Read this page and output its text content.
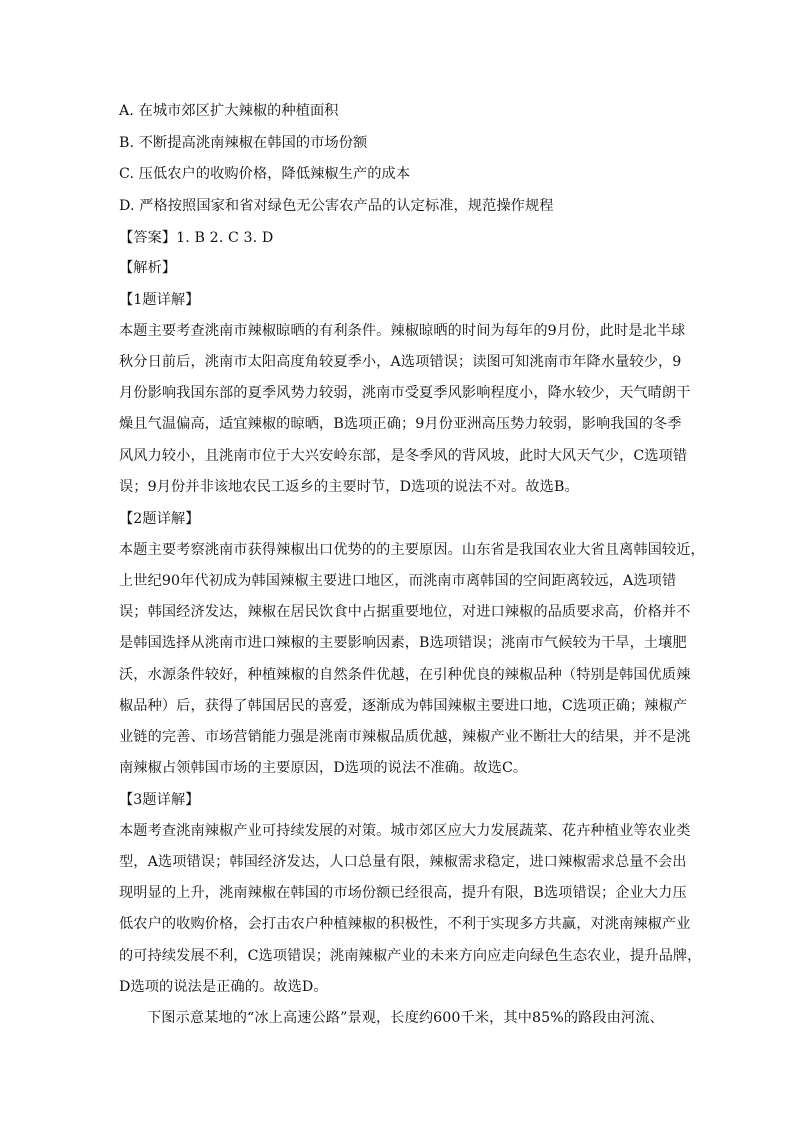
A. 在城市郊区扩大辣椒的种植面积
B. 不断提高洮南辣椒在韩国的市场份额
C. 压低农户的收购价格，降低辣椒生产的成本
D. 严格按照国家和省对绿色无公害农产品的认定标准，规范操作规程
【答案】1. B 2. C 3. D
【解析】
【1题详解】
本题主要考查洮南市辣椒晾晒的有利条件。辣椒晾晒的时间为每年的9月份，此时是北半球
秋分日前后，洮南市太阳高度角较夏季小，A选项错误；读图可知洮南市年降水量较少，9
月份影响我国东部的夏季风势力较弱，洮南市受夏季风影响程度小，降水较少，天气晴朗干
燥且气温偏高，适宜辣椒的晾晒，B选项正确；9月份亚洲高压势力较弱，影响我国的冬季
风风力较小，且洮南市位于大兴安岭东部，是冬季风的背风坡，此时大风天气少，C选项错
误；9月份并非该地农民工返乡的主要时节，D选项的说法不对。故选B。
【2题详解】
本题主要考察洮南市获得辣椒出口优势的的主要原因。山东省是我国农业大省且离韩国较近，
上世纪90年代初成为韩国辣椒主要进口地区，而洮南市离韩国的空间距离较远，A选项错
误；韩国经济发达，辣椒在居民饮食中占据重要地位，对进口辣椒的品质要求高，价格并不
是韩国选择从洮南市进口辣椒的主要影响因素，B选项错误；洮南市气候较为干旱，土壤肥
沃，水源条件较好，种植辣椒的自然条件优越，在引种优良的辣椒品种（特别是韩国优质辣
椒品种）后，获得了韩国居民的喜爱，逐渐成为韩国辣椒主要进口地，C选项正确；辣椒产
业链的完善、市场营销能力强是洮南市辣椒品质优越，辣椒产业不断壮大的结果，并不是洮
南辣椒占领韩国市场的主要原因，D选项的说法不准确。故选C。
【3题详解】
本题考查洮南辣椒产业可持续发展的对策。城市郊区应大力发展蔬菜、花卉种植业等农业类
型，A选项错误；韩国经济发达，人口总量有限，辣椒需求稳定，进口辣椒需求总量不会出
现明显的上升，洮南辣椒在韩国的市场份额已经很高，提升有限，B选项错误；企业大力压
低农户的收购价格，会打击农户种植辣椒的积极性，不利于实现多方共赢，对洮南辣椒产业
的可持续发展不利，C选项错误；洮南辣椒产业的未来方向应走向绿色生态农业，提升品牌，
D选项的说法是正确的。故选D。
下图示意某地的“冰上高速公路”景观，长度约600千米，其中85%的路段由河流、
